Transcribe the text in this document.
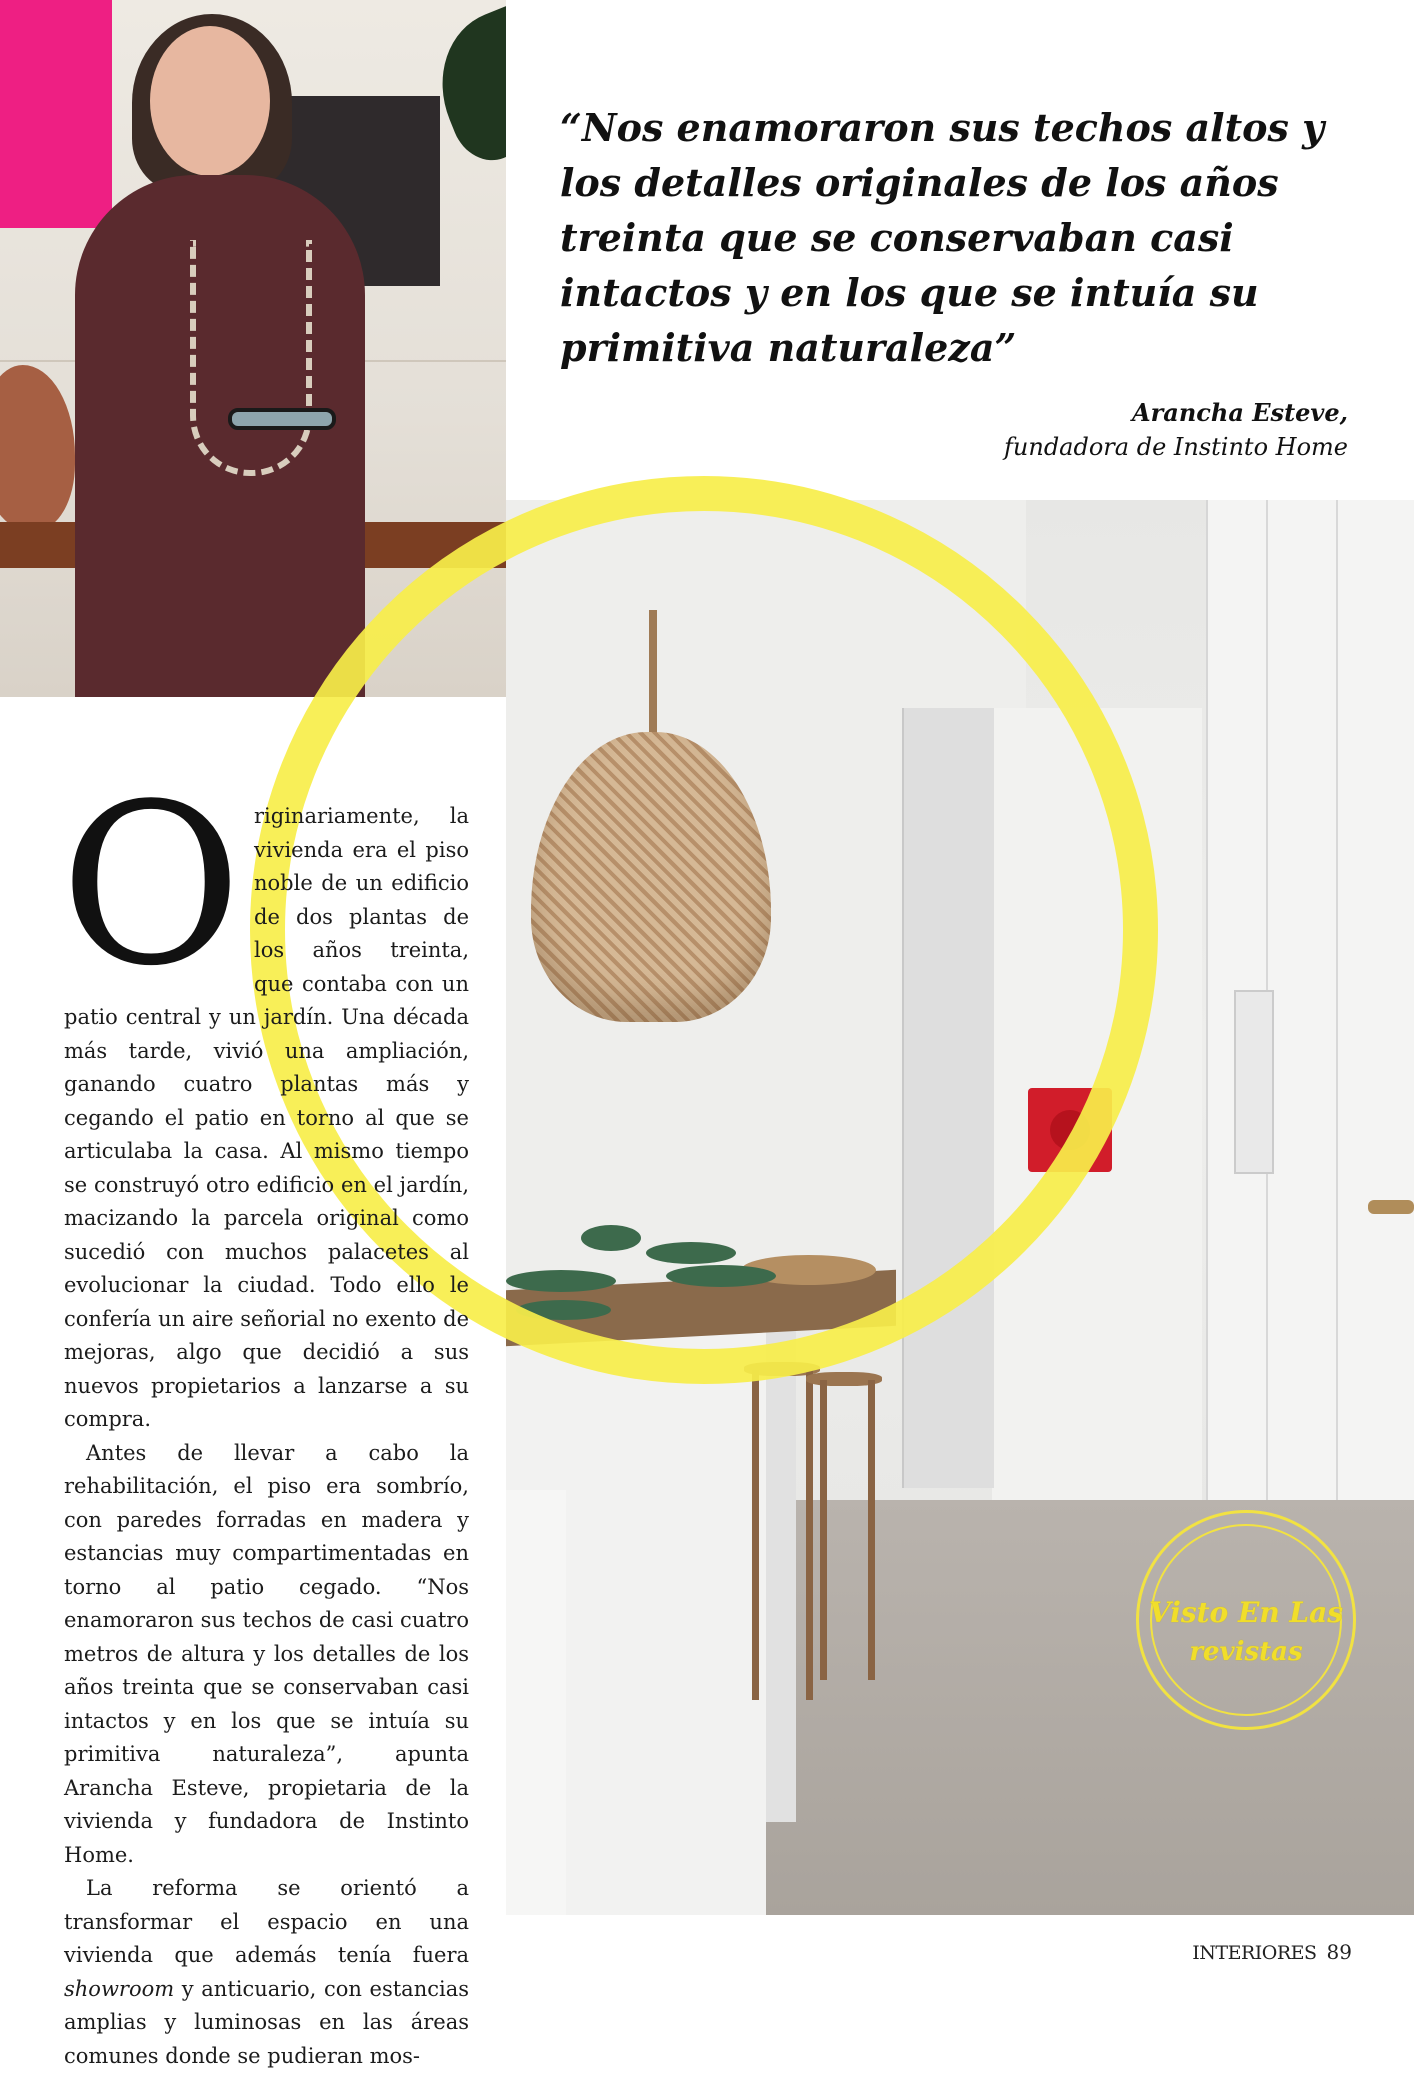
“Nos enamoraron sus techos altos y los detalles originales de los años treinta que se conservaban casi intactos y en los que se intuía su primitiva naturaleza”

Arancha Esteve,
fundadora de Instinto Home

Originariamente, la vivienda era el piso noble de un edificio de dos plantas de los años treinta, que contaba con un patio central y un jardín. Una década más tarde, vivió una ampliación, ganando cuatro plantas más y cegando el patio en torno al que se articulaba la casa. Al mismo tiempo se construyó otro edificio en el jardín, macizando la parcela original como sucedió con muchos palacetes al evolucionar la ciudad. Todo ello le confería un aire señorial no exento de mejoras, algo que decidió a sus nuevos propietarios a lanzarse a su compra.

Antes de llevar a cabo la rehabilitación, el piso era sombrío, con paredes forradas en madera y estancias muy compartimentadas en torno al patio cegado. “Nos enamoraron sus techos de casi cuatro metros de altura y los detalles de los años treinta que se conservaban casi intactos y en los que se intuía su primitiva naturaleza”, apunta Arancha Esteve, propietaria de la vivienda y fundadora de Instinto Home.

La reforma se orientó a transformar el espacio en una vivienda que además tenía fuera showroom y anticuario, con estancias amplias y luminosas en las áreas comunes donde se pudieran mos-

Visto En Las
revistas
INTERIORES 89
